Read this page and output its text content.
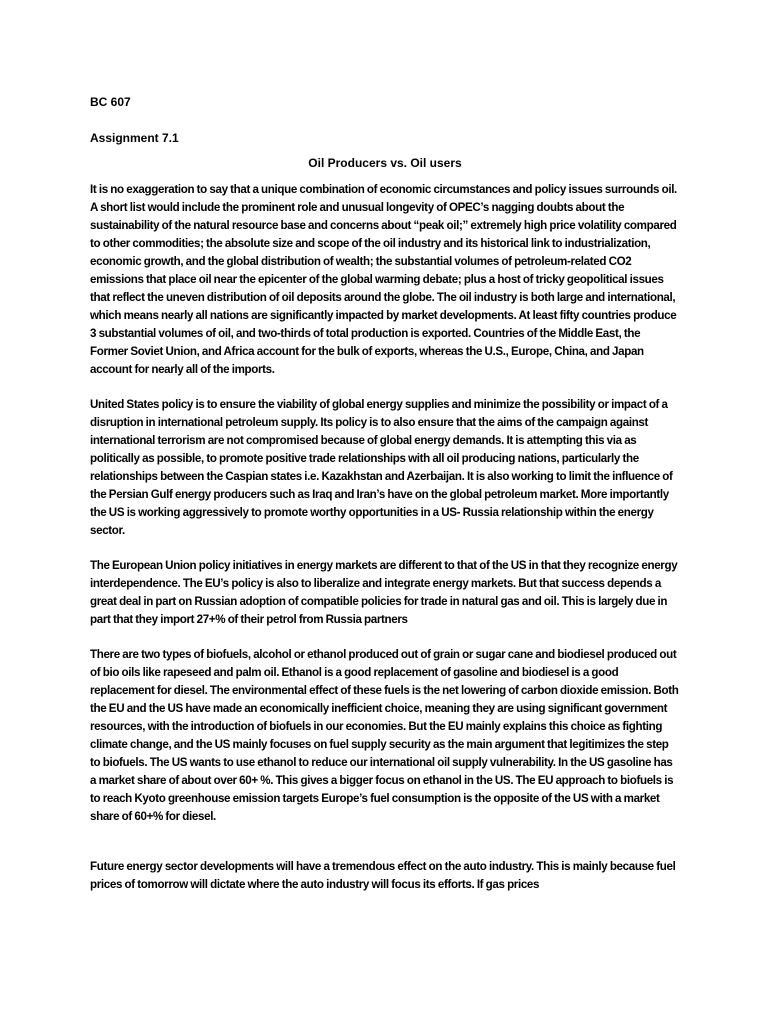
BC 607
Assignment 7.1
Oil Producers vs. Oil users

It is no exaggeration to say that a unique combination of economic circumstances and policy issues surrounds oil. A short list would include the prominent role and unusual longevity of OPEC’s nagging doubts about the sustainability of the natural resource base and concerns about “peak oil;” extremely high price volatility compared to other commodities; the absolute size and scope of the oil industry and its historical link to industrialization, economic growth, and the global distribution of wealth; the substantial volumes of petroleum-related CO2 emissions that place oil near the epicenter of the global warming debate; plus a host of tricky geopolitical issues that reflect the uneven distribution of oil deposits around the globe. The oil industry is both large and international, which means nearly all nations are significantly impacted by market developments. At least fifty countries produce 3 substantial volumes of oil, and two-thirds of total production is exported. Countries of the Middle East, the Former Soviet Union, and Africa account for the bulk of exports, whereas the U.S., Europe, China, and Japan account for nearly all of the imports.

United States policy is to ensure the viability of global energy supplies and minimize the possibility or impact of a disruption in international petroleum supply. Its policy is to also ensure that the aims of the campaign against international terrorism are not compromised because of global energy demands. It is attempting this via as politically as possible, to promote positive trade relationships with all oil producing nations, particularly the relationships between the Caspian states i.e. Kazakhstan and Azerbaijan. It is also working to limit the influence of the Persian Gulf energy producers such as Iraq and Iran’s have on the global petroleum market. More importantly the US is working aggressively to promote worthy opportunities in a US- Russia relationship within the energy sector.

The European Union policy initiatives in energy markets are different to that of the US in that they recognize energy interdependence. The EU’s policy is also to liberalize and integrate energy markets. But that success depends a great deal in part on Russian adoption of compatible policies for trade in natural gas and oil. This is largely due in part that they import 27+% of their petrol from Russia partners

There are two types of biofuels, alcohol or ethanol produced out of grain or sugar cane and biodiesel produced out of bio oils like rapeseed and palm oil. Ethanol is a good replacement of gasoline and biodiesel is a good replacement for diesel. The environmental effect of these fuels is the net lowering of carbon dioxide emission. Both the EU and the US have made an economically inefficient choice, meaning they are using significant government resources, with the introduction of biofuels in our economies. But the EU mainly explains this choice as fighting climate change, and the US mainly focuses on fuel supply security as the main argument that legitimizes the step to biofuels. The US wants to use ethanol to reduce our international oil supply vulnerability. In the US gasoline has a market share of about over 60+ %. This gives a bigger focus on ethanol in the US. The EU approach to biofuels is to reach Kyoto greenhouse emission targets Europe’s fuel consumption is the opposite of the US with a market share of 60+% for diesel.

Future energy sector developments will have a tremendous effect on the auto industry. This is mainly because fuel prices of tomorrow will dictate where the auto industry will focus its efforts. If gas prices
